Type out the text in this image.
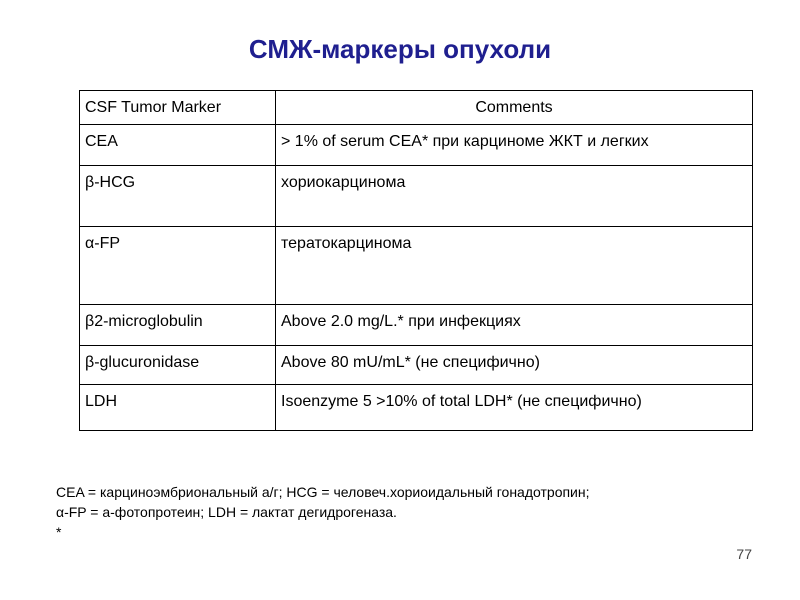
СМЖ-маркеры опухоли
CSF Tumor Marker	Comments

CEA	> 1% of serum CEA* при карциноме ЖКТ и легких

β-HCG	хориокарцинома

α-FP	тератокарцинома

β2-microglobulin	Above 2.0 mg/L.* при инфекциях

β-glucuronidase	Above 80 mU/mL* (не специфично)

LDH	Isoenzyme 5 >10% of total LDH* (не специфично)
CEA = карциноэмбриональный а/г; HCG = человеч.хориоидальный гонадотропин;
α-FP = а-фотопротеин; LDH = лактат дегидрогеназа.
*
77
